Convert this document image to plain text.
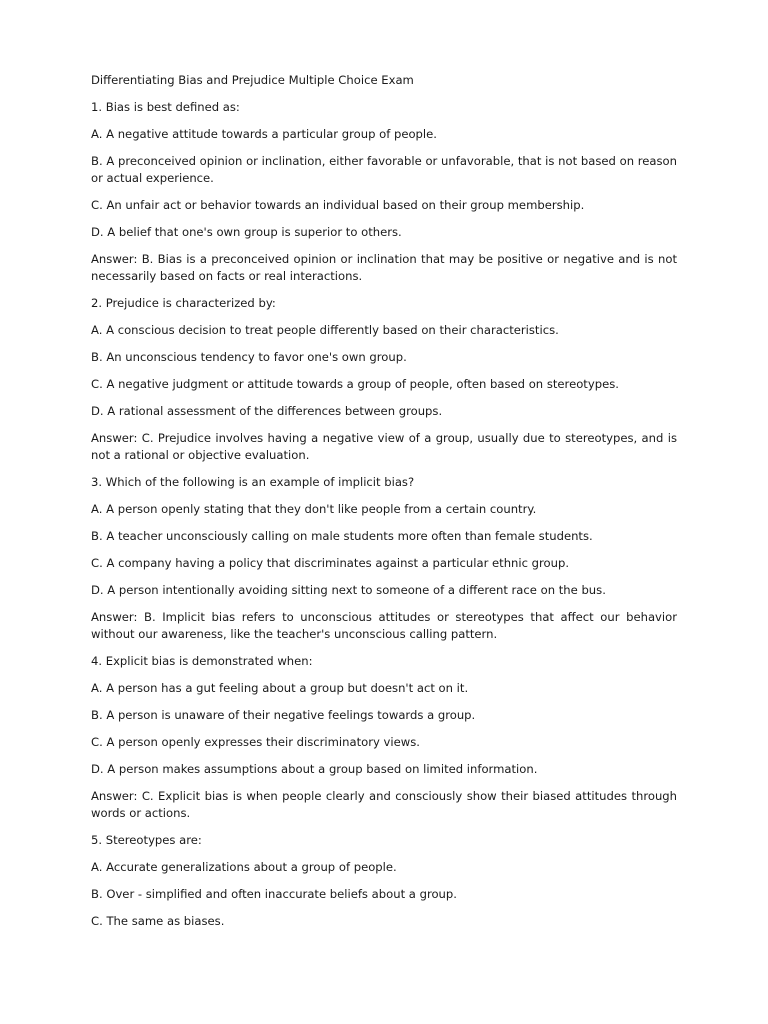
Differentiating Bias and Prejudice Multiple Choice Exam

1. Bias is best defined as:

A. A negative attitude towards a particular group of people.

B. A preconceived opinion or inclination, either favorable or unfavorable, that is not based on reason or actual experience.

C. An unfair act or behavior towards an individual based on their group membership.

D. A belief that one's own group is superior to others.

Answer: B. Bias is a preconceived opinion or inclination that may be positive or negative and is not necessarily based on facts or real interactions.

2. Prejudice is characterized by:

A. A conscious decision to treat people differently based on their characteristics.

B. An unconscious tendency to favor one's own group.

C. A negative judgment or attitude towards a group of people, often based on stereotypes.

D. A rational assessment of the differences between groups.

Answer: C. Prejudice involves having a negative view of a group, usually due to stereotypes, and is not a rational or objective evaluation.

3. Which of the following is an example of implicit bias?

A. A person openly stating that they don't like people from a certain country.

B. A teacher unconsciously calling on male students more often than female students.

C. A company having a policy that discriminates against a particular ethnic group.

D. A person intentionally avoiding sitting next to someone of a different race on the bus.

Answer: B. Implicit bias refers to unconscious attitudes or stereotypes that affect our behavior without our awareness, like the teacher's unconscious calling pattern.

4. Explicit bias is demonstrated when:

A. A person has a gut feeling about a group but doesn't act on it.

B. A person is unaware of their negative feelings towards a group.

C. A person openly expresses their discriminatory views.

D. A person makes assumptions about a group based on limited information.

Answer: C. Explicit bias is when people clearly and consciously show their biased attitudes through words or actions.

5. Stereotypes are:

A. Accurate generalizations about a group of people.

B. Over - simplified and often inaccurate beliefs about a group.

C. The same as biases.
